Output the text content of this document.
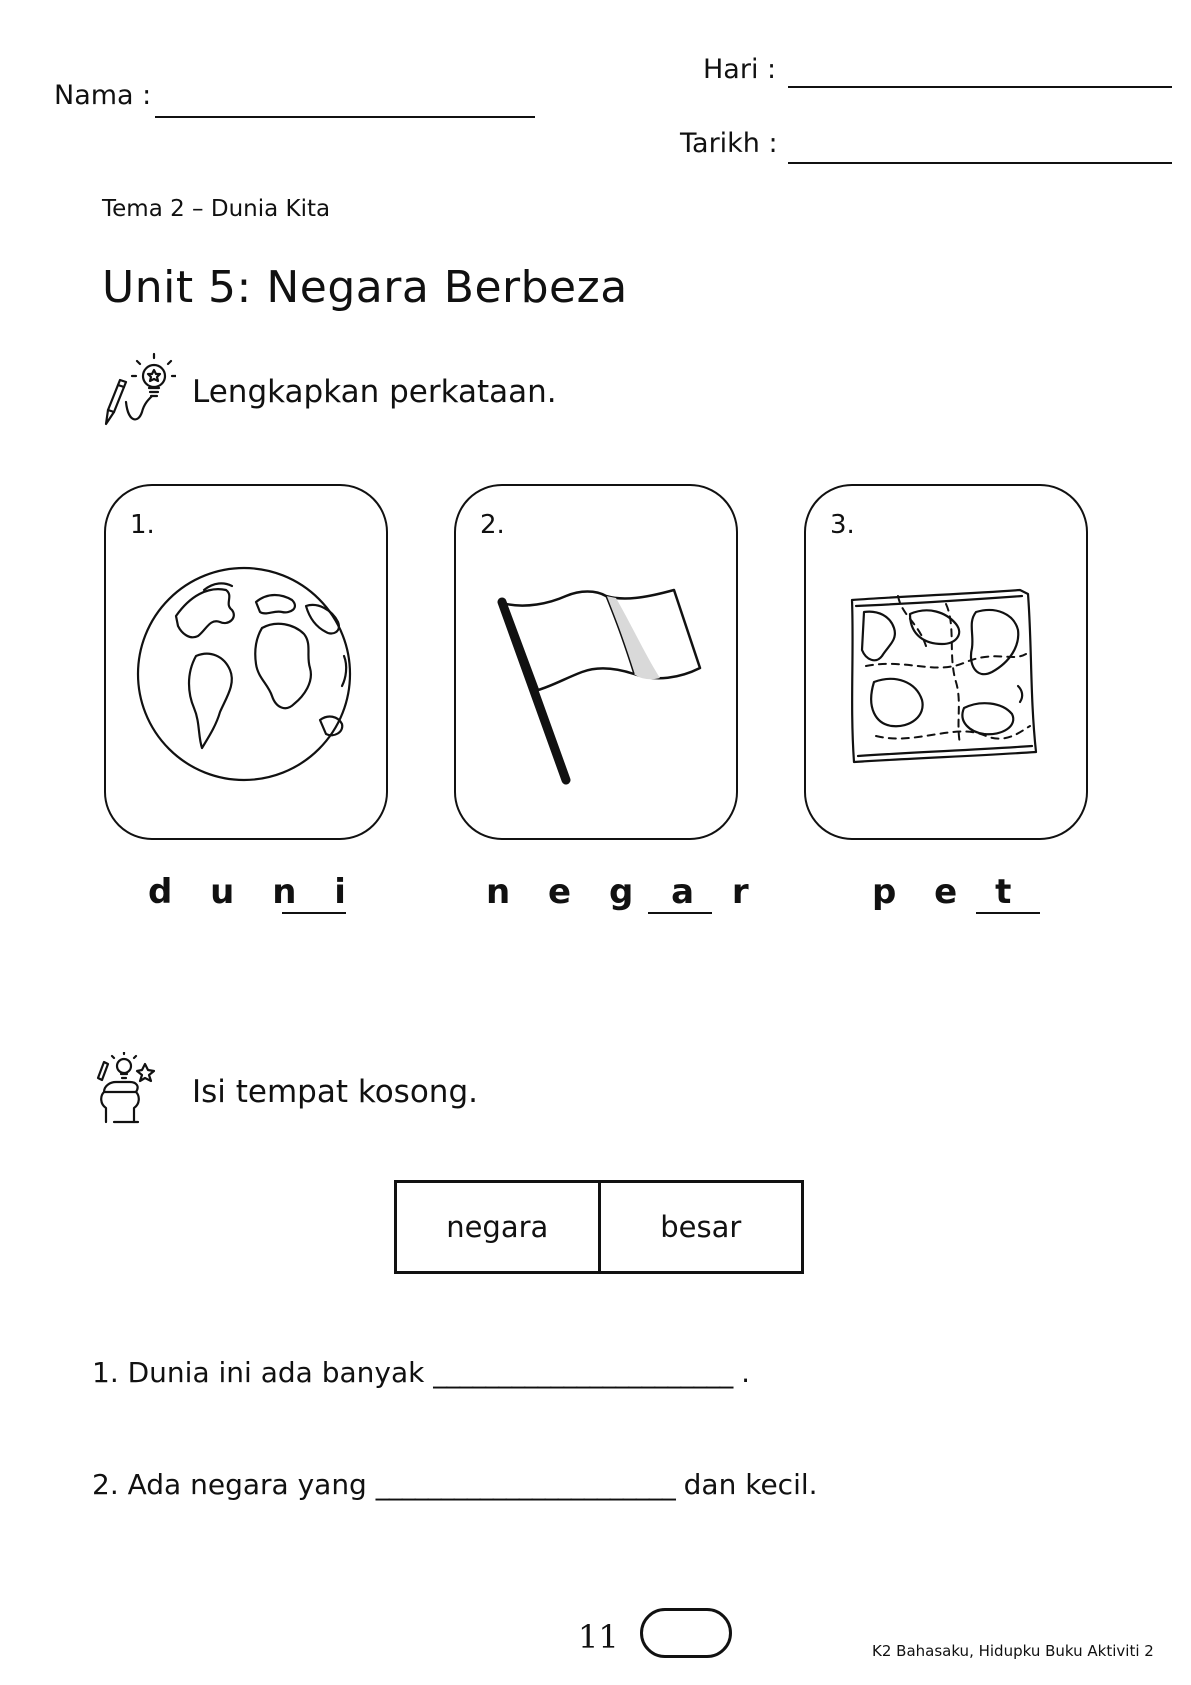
Nama :
Hari :
Tarikh :
Tema 2 – Dunia Kita
Unit 5: Negara Berbeza
Lengkapkan perkataan.
1.	2.	3.
d u n i	n e g a r	p e t
Isi tempat kosong.
negara	besar
1. Dunia ini ada banyak _______________________ .
2. Ada negara yang _______________________ dan kecil.
11	K2 Bahasaku, Hidupku Buku Aktiviti 2
